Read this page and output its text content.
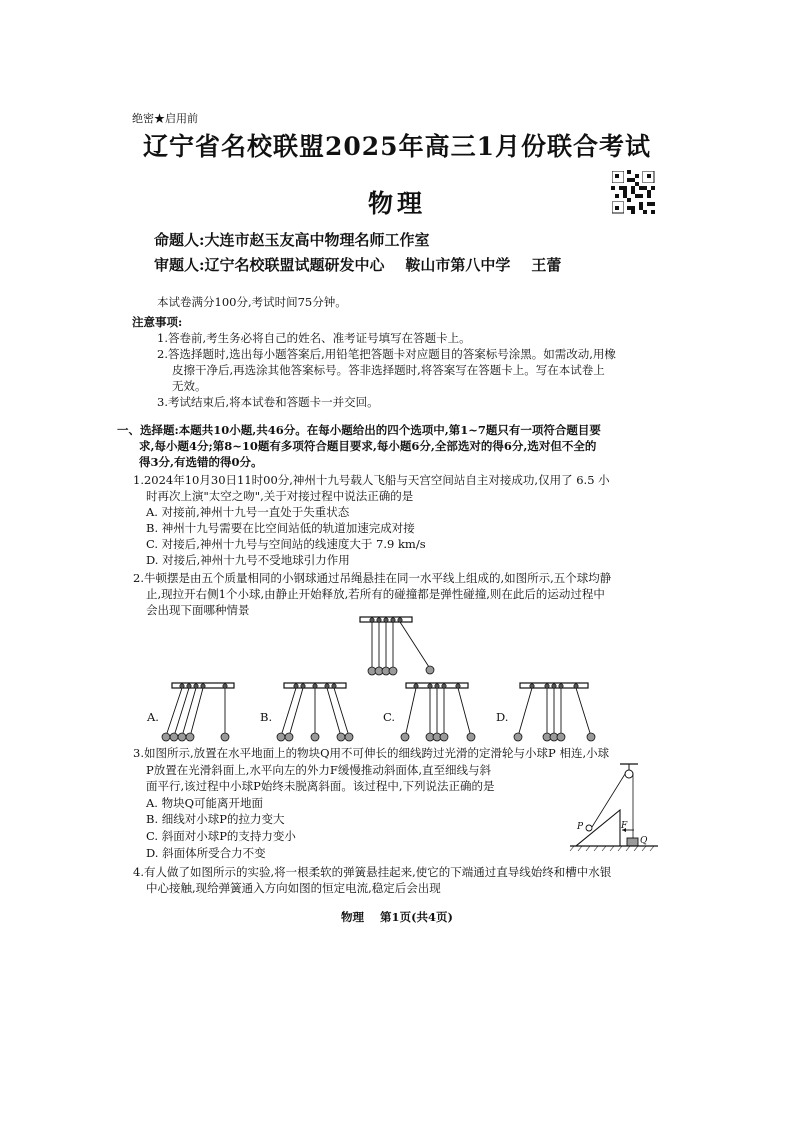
绝密★启用前
辽宁省名校联盟2025年高三1月份联合考试
物理
命题人:大连市赵玉友高中物理名师工作室
审题人:辽宁名校联盟试题研发中心    鞍山市第八中学    王蕾
本试卷满分100分,考试时间75分钟。
注意事项:
1.答卷前,考生务必将自己的姓名、准考证号填写在答题卡上。
2.答选择题时,选出每小题答案后,用铅笔把答题卡对应题目的答案标号涂黑。如需改动,用橡
皮擦干净后,再选涂其他答案标号。答非选择题时,将答案写在答题卡上。写在本试卷上
无效。
3.考试结束后,将本试卷和答题卡一并交回。
一、选择题:本题共10小题,共46分。在每小题给出的四个选项中,第1~7题只有一项符合题目要
求,每小题4分;第8~10题有多项符合题目要求,每小题6分,全部选对的得6分,选对但不全的
得3分,有选错的得0分。
1.2024年10月30日11时00分,神州十九号载人飞船与天宫空间站自主对接成功,仅用了 6.5 小
时再次上演"太空之吻",关于对接过程中说法正确的是
A. 对接前,神州十九号一直处于失重状态
B. 神州十九号需要在比空间站低的轨道加速完成对接
C. 对接后,神州十九号与空间站的线速度大于 7.9 km/s
D. 对接后,神州十九号不受地球引力作用
2.牛顿摆是由五个质量相同的小钢球通过吊绳悬挂在同一水平线上组成的,如图所示,五个球均静
止,现拉开右侧1个小球,由静止开始释放,若所有的碰撞都是弹性碰撞,则在此后的运动过程中
会出现下面哪种情景
A.	B.	C.	D.
3.如图所示,放置在水平地面上的物块Q用不可伸长的细线跨过光滑的定滑轮与小球P 相连,小球
P放置在光滑斜面上,水平向左的外力F缓慢推动斜面体,直至细线与斜
面平行,该过程中小球P始终未脱离斜面。该过程中,下列说法正确的是
A. 物块Q可能离开地面
B. 细线对小球P的拉力变大
C. 斜面对小球P的支持力变小
D. 斜面体所受合力不变
P	F
Q
4.有人做了如图所示的实验,将一根柔软的弹簧悬挂起来,使它的下端通过直导线始终和槽中水银
中心接触,现给弹簧通入方向如图的恒定电流,稳定后会出现
物理    第1页(共4页)
